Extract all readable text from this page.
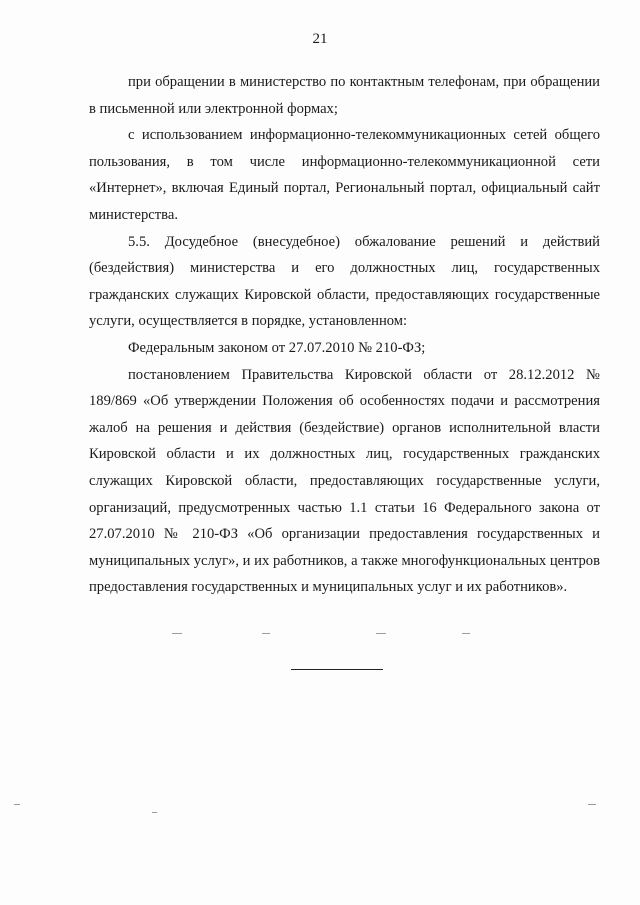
21

при обращении в министерство по контактным телефонам, при обращении в письменной или электронной формах;

с использованием информационно-телекоммуникационных сетей общего пользования, в том числе информационно-телекоммуникационной сети «Интернет», включая Единый портал, Региональный портал, официальный сайт министерства.

5.5. Досудебное (внесудебное) обжалование решений и действий (бездействия) министерства и его должностных лиц, государственных гражданских служащих Кировской области, предоставляющих государственные услуги, осуществляется в порядке, установленном:

Федеральным законом от 27.07.2010 № 210-ФЗ;

постановлением Правительства Кировской области от 28.12.2012 № 189/869 «Об утверждении Положения об особенностях подачи и рассмотрения жалоб на решения и действия (бездействие) органов исполнительной власти Кировской области и их должностных лиц, государственных гражданских служащих Кировской области, предоставляющих государственные услуги, организаций, предусмотренных частью 1.1 статьи 16 Федерального закона от 27.07.2010 № 210-ФЗ «Об организации предоставления государственных и муниципальных услуг», и их работников, а также многофункциональных центров предоставления государственных и муниципальных услуг и их работников».
